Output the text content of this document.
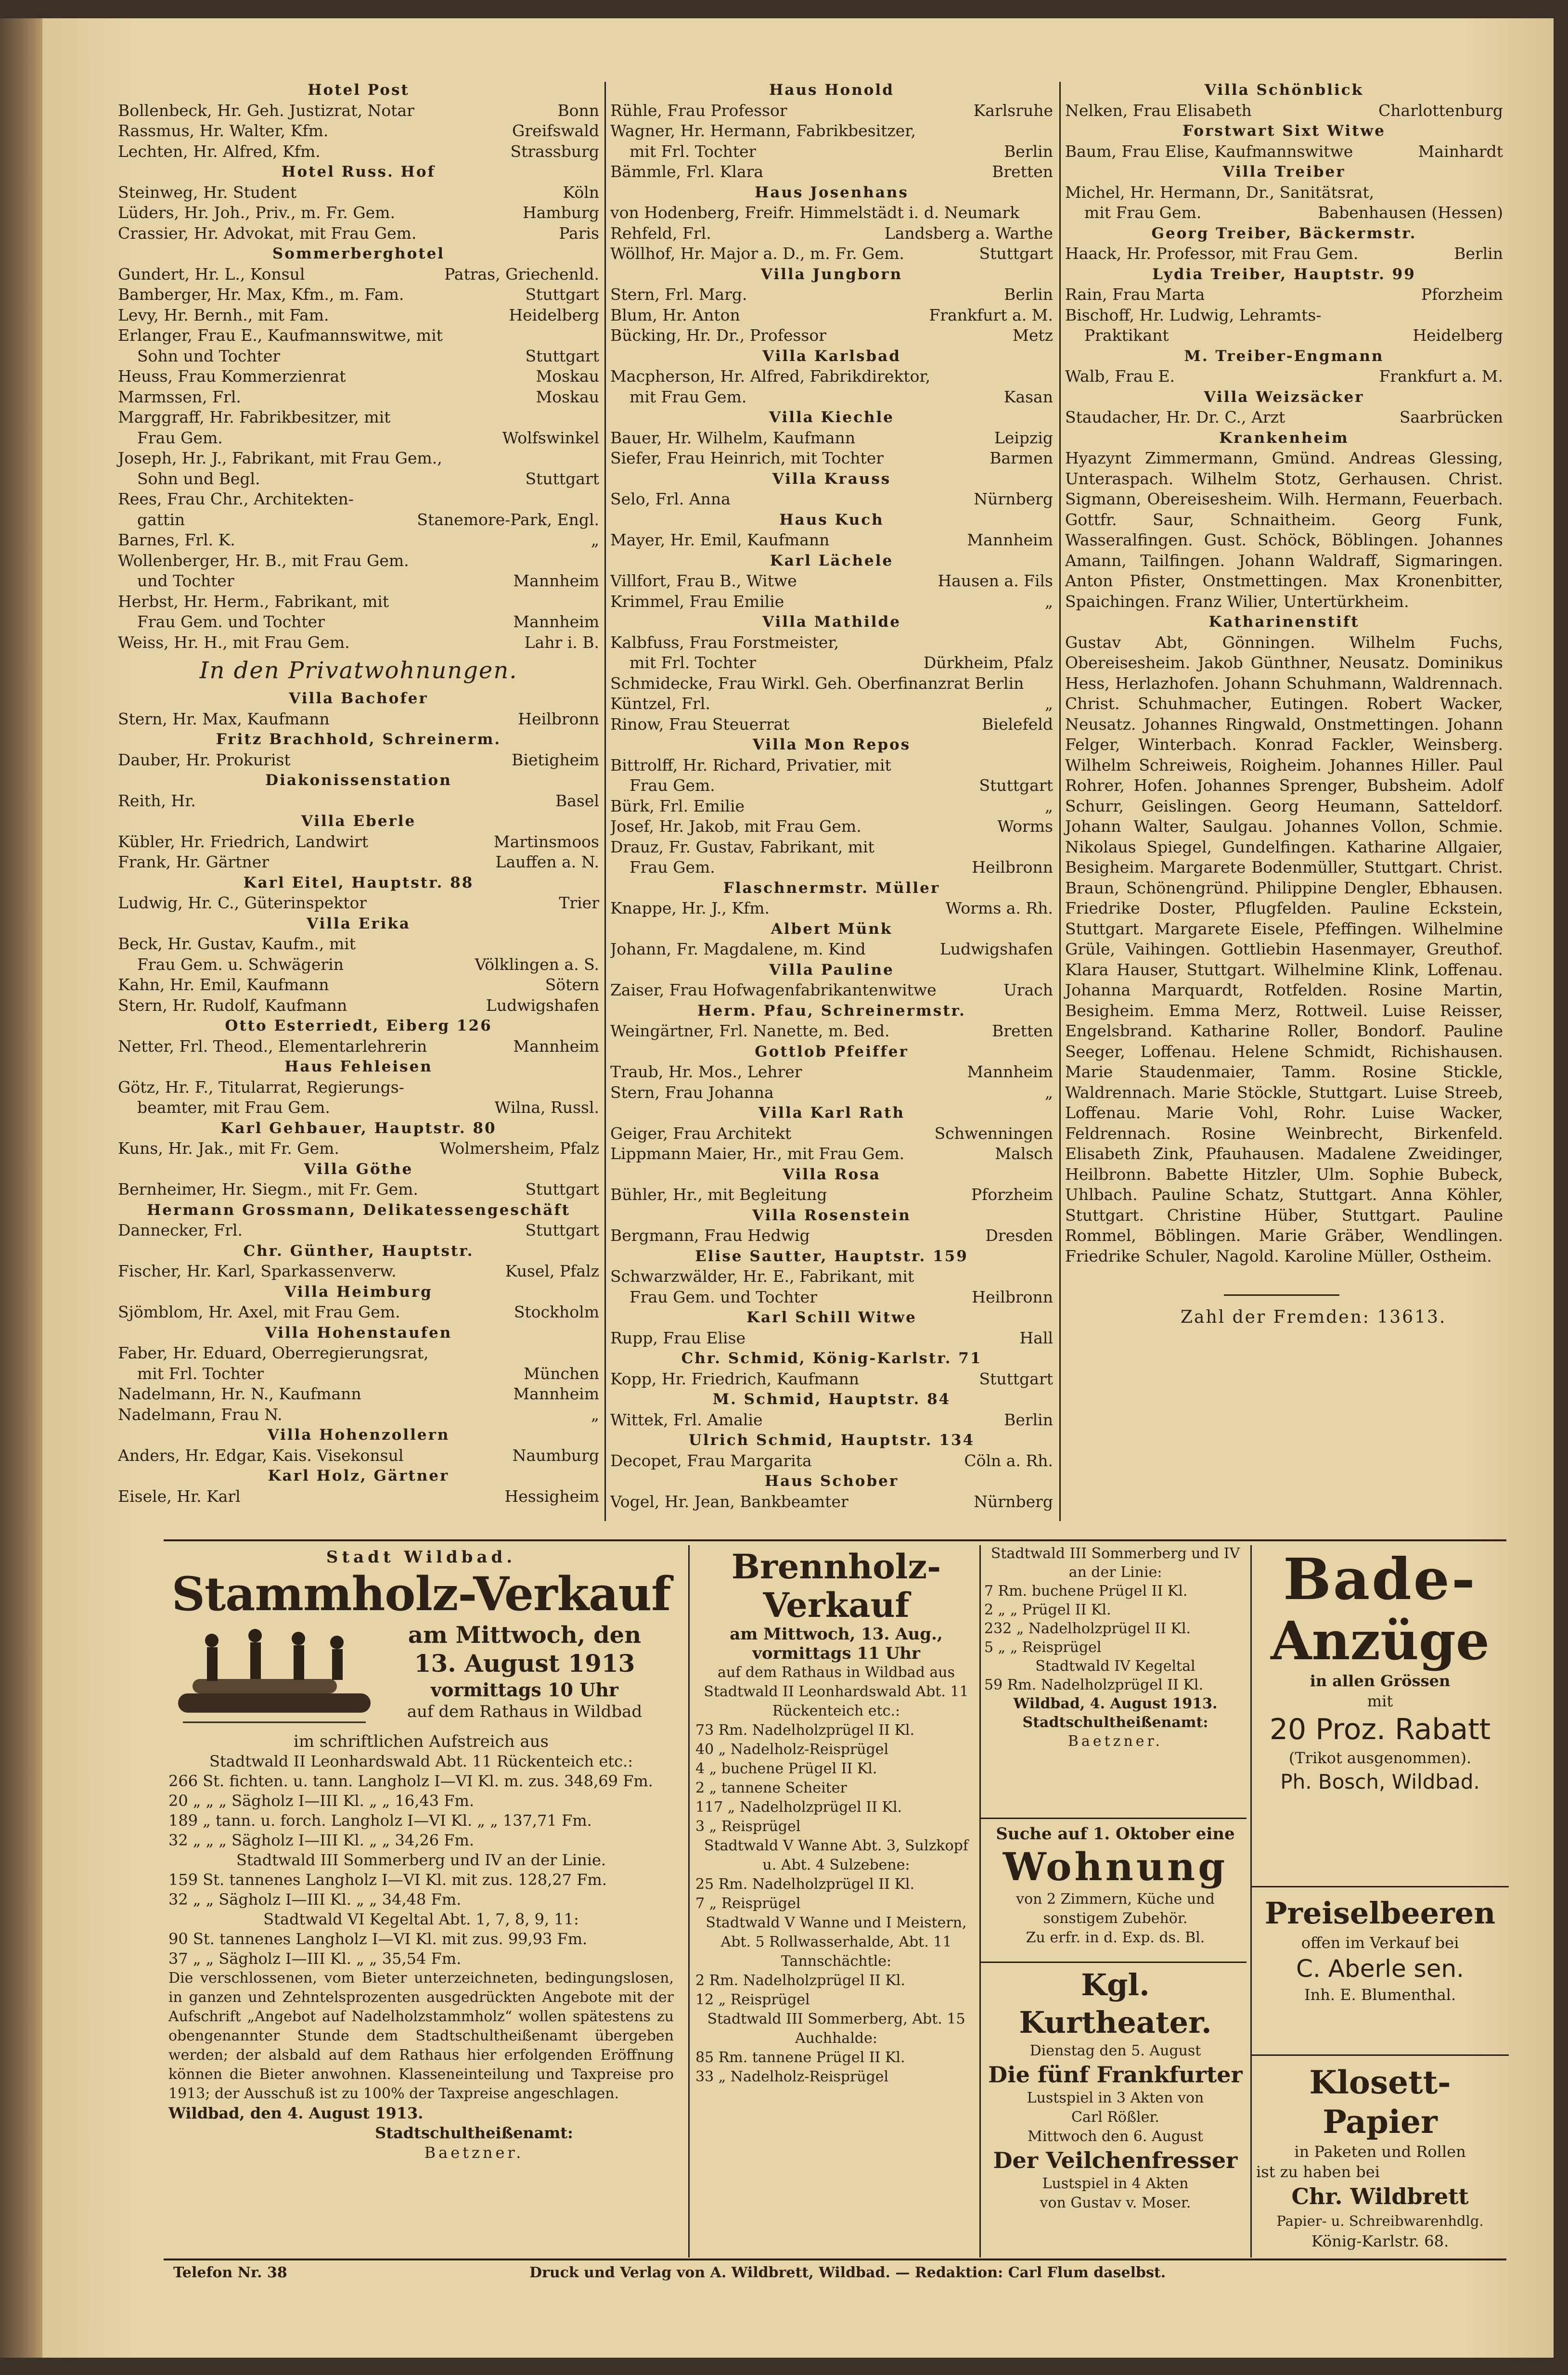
Hotel Post
Bollenbeck, Hr. Geh. Justizrat, Notar	Bonn
Rassmus, Hr. Walter, Kfm.	Greifswald
Lechten, Hr. Alfred, Kfm.	Strassburg
Hotel Russ. Hof
Steinweg, Hr. Student	Köln
Lüders, Hr. Joh., Priv., m. Fr. Gem.	Hamburg
Crassier, Hr. Advokat, mit Frau Gem.	Paris
Sommerberghotel
Gundert, Hr. L., Konsul	Patras, Griechenld.
Bamberger, Hr. Max, Kfm., m. Fam.	Stuttgart
Levy, Hr. Bernh., mit Fam.	Heidelberg
Erlanger, Frau E., Kaufmannswitwe, mit
Sohn und Tochter	Stuttgart
Heuss, Frau Kommerzienrat	Moskau
Marmssen, Frl.	Moskau
Marggraff, Hr. Fabrikbesitzer, mit
Frau Gem.	Wolfswinkel
Joseph, Hr. J., Fabrikant, mit Frau Gem.,
Sohn und Begl.	Stuttgart
Rees, Frau Chr., Architekten-
gattin	Stanemore-Park, Engl.
Barnes, Frl. K.	„
Wollenberger, Hr. B., mit Frau Gem.
und Tochter	Mannheim
Herbst, Hr. Herm., Fabrikant, mit
Frau Gem. und Tochter	Mannheim
Weiss, Hr. H., mit Frau Gem.	Lahr i. B.
In den Privatwohnungen.
Villa Bachofer
Stern, Hr. Max, Kaufmann	Heilbronn
Fritz Brachhold, Schreinerm.
Dauber, Hr. Prokurist	Bietigheim
Diakonissenstation
Reith, Hr.	Basel
Villa Eberle
Kübler, Hr. Friedrich, Landwirt	Martinsmoos
Frank, Hr. Gärtner	Lauffen a. N.
Karl Eitel, Hauptstr. 88
Ludwig, Hr. C., Güterinspektor	Trier
Villa Erika
Beck, Hr. Gustav, Kaufm., mit
Frau Gem. u. Schwägerin	Völklingen a. S.
Kahn, Hr. Emil, Kaufmann	Sötern
Stern, Hr. Rudolf, Kaufmann	Ludwigshafen
Otto Esterriedt, Eiberg 126
Netter, Frl. Theod., Elementarlehrerin	Mannheim
Haus Fehleisen
Götz, Hr. F., Titularrat, Regierungs-
beamter, mit Frau Gem.	Wilna, Russl.
Karl Gehbauer, Hauptstr. 80
Kuns, Hr. Jak., mit Fr. Gem.	Wolmersheim, Pfalz
Villa Göthe
Bernheimer, Hr. Siegm., mit Fr. Gem.	Stuttgart
Hermann Grossmann, Delikatessengeschäft
Dannecker, Frl.	Stuttgart
Chr. Günther, Hauptstr.
Fischer, Hr. Karl, Sparkassenverw.	Kusel, Pfalz
Villa Heimburg
Sjömblom, Hr. Axel, mit Frau Gem.	Stockholm
Villa Hohenstaufen
Faber, Hr. Eduard, Oberregierungsrat,
mit Frl. Tochter	München
Nadelmann, Hr. N., Kaufmann	Mannheim
Nadelmann, Frau N.	„
Villa Hohenzollern
Anders, Hr. Edgar, Kais. Visekonsul	Naumburg
Karl Holz, Gärtner
Eisele, Hr. Karl	Hessigheim
Haus Honold
Rühle, Frau Professor	Karlsruhe
Wagner, Hr. Hermann, Fabrikbesitzer,
mit Frl. Tochter	Berlin
Bämmle, Frl. Klara	Bretten
Haus Josenhans
von Hodenberg, Freifr. Himmelstädt i. d. Neumark
Rehfeld, Frl.	Landsberg a. Warthe
Wöllhof, Hr. Major a. D., m. Fr. Gem.	Stuttgart
Villa Jungborn
Stern, Frl. Marg.	Berlin
Blum, Hr. Anton	Frankfurt a. M.
Bücking, Hr. Dr., Professor	Metz
Villa Karlsbad
Macpherson, Hr. Alfred, Fabrikdirektor,
mit Frau Gem.	Kasan
Villa Kiechle
Bauer, Hr. Wilhelm, Kaufmann	Leipzig
Siefer, Frau Heinrich, mit Tochter	Barmen
Villa Krauss
Selo, Frl. Anna	Nürnberg
Haus Kuch
Mayer, Hr. Emil, Kaufmann	Mannheim
Karl Lächele
Villfort, Frau B., Witwe	Hausen a. Fils
Krimmel, Frau Emilie	„
Villa Mathilde
Kalbfuss, Frau Forstmeister,
mit Frl. Tochter	Dürkheim, Pfalz
Schmidecke, Frau Wirkl. Geh. Oberfinanzrat Berlin
Küntzel, Frl.	„
Rinow, Frau Steuerrat	Bielefeld
Villa Mon Repos
Bittrolff, Hr. Richard, Privatier, mit
Frau Gem.	Stuttgart
Bürk, Frl. Emilie	„
Josef, Hr. Jakob, mit Frau Gem.	Worms
Drauz, Fr. Gustav, Fabrikant, mit
Frau Gem.	Heilbronn
Flaschnermstr. Müller
Knappe, Hr. J., Kfm.	Worms a. Rh.
Albert Münk
Johann, Fr. Magdalene, m. Kind	Ludwigshafen
Villa Pauline
Zaiser, Frau Hofwagenfabrikantenwitwe	Urach
Herm. Pfau, Schreinermstr.
Weingärtner, Frl. Nanette, m. Bed.	Bretten
Gottlob Pfeiffer
Traub, Hr. Mos., Lehrer	Mannheim
Stern, Frau Johanna	„
Villa Karl Rath
Geiger, Frau Architekt	Schwenningen
Lippmann Maier, Hr., mit Frau Gem.	Malsch
Villa Rosa
Bühler, Hr., mit Begleitung	Pforzheim
Villa Rosenstein
Bergmann, Frau Hedwig	Dresden
Elise Sautter, Hauptstr. 159
Schwarzwälder, Hr. E., Fabrikant, mit
Frau Gem. und Tochter	Heilbronn
Karl Schill Witwe
Rupp, Frau Elise	Hall
Chr. Schmid, König-Karlstr. 71
Kopp, Hr. Friedrich, Kaufmann	Stuttgart
M. Schmid, Hauptstr. 84
Wittek, Frl. Amalie	Berlin
Ulrich Schmid, Hauptstr. 134
Decopet, Frau Margarita	Cöln a. Rh.
Haus Schober
Vogel, Hr. Jean, Bankbeamter	Nürnberg
Villa Schönblick
Nelken, Frau Elisabeth	Charlottenburg
Forstwart Sixt Witwe
Baum, Frau Elise, Kaufmannswitwe	Mainhardt
Villa Treiber
Michel, Hr. Hermann, Dr., Sanitätsrat,
mit Frau Gem.	Babenhausen (Hessen)
Georg Treiber, Bäckermstr.
Haack, Hr. Professor, mit Frau Gem.	Berlin
Lydia Treiber, Hauptstr. 99
Rain, Frau Marta	Pforzheim
Bischoff, Hr. Ludwig, Lehramts-
Praktikant	Heidelberg
M. Treiber-Engmann
Walb, Frau E.	Frankfurt a. M.
Villa Weizsäcker
Staudacher, Hr. Dr. C., Arzt	Saarbrücken
Krankenheim
Hyazynt Zimmermann, Gmünd. Andreas Glessing, Unteraspach. Wilhelm Stotz, Gerhausen. Christ. Sigmann, Obereisesheim. Wilh. Hermann, Feuerbach. Gottfr. Saur, Schnaitheim. Georg Funk, Wasseralfingen. Gust. Schöck, Böblingen. Johannes Amann, Tailfingen. Johann Waldraff, Sigmaringen. Anton Pfister, Onstmettingen. Max Kronenbitter, Spaichingen. Franz Wilier, Untertürkheim.
Katharinenstift
Gustav Abt, Gönningen. Wilhelm Fuchs, Obereisesheim. Jakob Günthner, Neusatz. Dominikus Hess, Herlazhofen. Johann Schuhmann, Waldrennach. Christ. Schuhmacher, Eutingen. Robert Wacker, Neusatz. Johannes Ringwald, Onstmettingen. Johann Felger, Winterbach. Konrad Fackler, Weinsberg. Wilhelm Schreiweis, Roigheim. Johannes Hiller. Paul Rohrer, Hofen. Johannes Sprenger, Bubsheim. Adolf Schurr, Geislingen. Georg Heumann, Satteldorf. Johann Walter, Saulgau. Johannes Vollon, Schmie. Nikolaus Spiegel, Gundelfingen. Katharine Allgaier, Besigheim. Margarete Bodenmüller, Stuttgart. Christ. Braun, Schönengründ. Philippine Dengler, Ebhausen. Friedrike Doster, Pflugfelden. Pauline Eckstein, Stuttgart. Margarete Eisele, Pfeffingen. Wilhelmine Grüle, Vaihingen. Gottliebin Hasenmayer, Greuthof. Klara Hauser, Stuttgart. Wilhelmine Klink, Loffenau. Johanna Marquardt, Rotfelden. Rosine Martin, Besigheim. Emma Merz, Rottweil. Luise Reisser, Engelsbrand. Katharine Roller, Bondorf. Pauline Seeger, Loffenau. Helene Schmidt, Richishausen. Marie Staudenmaier, Tamm. Rosine Stickle, Waldrennach. Marie Stöckle, Stuttgart. Luise Streeb, Loffenau. Marie Vohl, Rohr. Luise Wacker, Feldrennach. Rosine Weinbrecht, Birkenfeld. Elisabeth Zink, Pfauhausen. Madalene Zweidinger, Heilbronn. Babette Hitzler, Ulm. Sophie Bubeck, Uhlbach. Pauline Schatz, Stuttgart. Anna Köhler, Stuttgart. Christine Hüber, Stuttgart. Pauline Rommel, Böblingen. Marie Gräber, Wendlingen. Friedrike Schuler, Nagold. Karoline Müller, Ostheim.
Zahl der Fremden: 13613.
Stadt Wildbad.
Stammholz-Verkauf
am Mittwoch, den
13. August 1913
vormittags 10 Uhr
auf dem Rathaus in Wildbad
im schriftlichen Aufstreich aus
Stadtwald II Leonhardswald Abt. 11 Rückenteich etc.:
266 St. fichten. u. tann. Langholz I—VI Kl. m. zus. 348,69 Fm.
20 „ „ „ Sägholz I—III Kl. „ „ 16,43 Fm.
189 „ tann. u. forch. Langholz I—VI Kl. „ „ 137,71 Fm.
32 „ „ „ Sägholz I—III Kl. „ „ 34,26 Fm.
Stadtwald III Sommerberg und IV an der Linie.
159 St. tannenes Langholz I—VI Kl. mit zus. 128,27 Fm.
32 „ „ Sägholz I—III Kl. „ „ 34,48 Fm.
Stadtwald VI Kegeltal Abt. 1, 7, 8, 9, 11:
90 St. tannenes Langholz I—VI Kl. mit zus. 99,93 Fm.
37 „ „ Sägholz I—III Kl. „ „ 35,54 Fm.
Die verschlossenen, vom Bieter unterzeichneten, bedingungslosen, in ganzen und Zehntelsprozenten ausgedrückten Angebote mit der Aufschrift „Angebot auf Nadelholzstammholz“ wollen spätestens zu obengenannter Stunde dem Stadtschultheißenamt übergeben werden; der alsbald auf dem Rathaus hier erfolgenden Eröffnung können die Bieter anwohnen. Klasseneinteilung und Taxpreise pro 1913; der Ausschuß ist zu 100% der Taxpreise angeschlagen.
Wildbad, den 4. August 1913.
Stadtschultheißenamt:
Baetzner.
Brennholz-
Verkauf
am Mittwoch, 13. Aug.,
vormittags 11 Uhr
auf dem Rathaus in Wildbad aus
Stadtwald II Leonhardswald Abt. 11 Rückenteich etc.:
73 Rm. Nadelholzprügel II Kl.
40 „ Nadelholz-Reisprügel
4 „ buchene Prügel II Kl.
2 „ tannene Scheiter
117 „ Nadelholzprügel II Kl.
3 „ Reisprügel
Stadtwald V Wanne Abt. 3, Sulzkopf u. Abt. 4 Sulzebene:
25 Rm. Nadelholzprügel II Kl.
7 „ Reisprügel
Stadtwald V Wanne und I Meistern, Abt. 5 Rollwasserhalde, Abt. 11 Tannschächtle:
2 Rm. Nadelholzprügel II Kl.
12 „ Reisprügel
Stadtwald III Sommerberg, Abt. 15 Auchhalde:
85 Rm. tannene Prügel II Kl.
33 „ Nadelholz-Reisprügel
Stadtwald III Sommerberg und IV an der Linie:
7 Rm. buchene Prügel II Kl.
2 „ „ Prügel II Kl.
232 „ Nadelholzprügel II Kl.
5 „ „ Reisprügel
Stadtwald IV Kegeltal
59 Rm. Nadelholzprügel II Kl.
Wildbad, 4. August 1913.
Stadtschultheißenamt:
Baetzner.
Suche auf 1. Oktober eine
Wohnung
von 2 Zimmern, Küche und sonstigem Zubehör.
Zu erfr. in d. Exp. ds. Bl.
Kgl. Kurtheater.
Dienstag den 5. August
Die fünf Frankfurter
Lustspiel in 3 Akten von
Carl Rößler.
Mittwoch den 6. August
Der Veilchenfresser
Lustspiel in 4 Akten
von Gustav v. Moser.
Bade-
Anzüge
in allen Grössen
mit
20 Proz. Rabatt
(Trikot ausgenommen).
Ph. Bosch, Wildbad.
Preiselbeeren
offen im Verkauf bei
C. Aberle sen.
Inh. E. Blumenthal.
Klosett-Papier
in Paketen und Rollen
ist zu haben bei
Chr. Wildbrett
Papier- u. Schreibwarenhdlg.
König-Karlstr. 68.
Telefon Nr. 38	Druck und Verlag von A. Wildbrett, Wildbad. — Redaktion: Carl Flum daselbst.
